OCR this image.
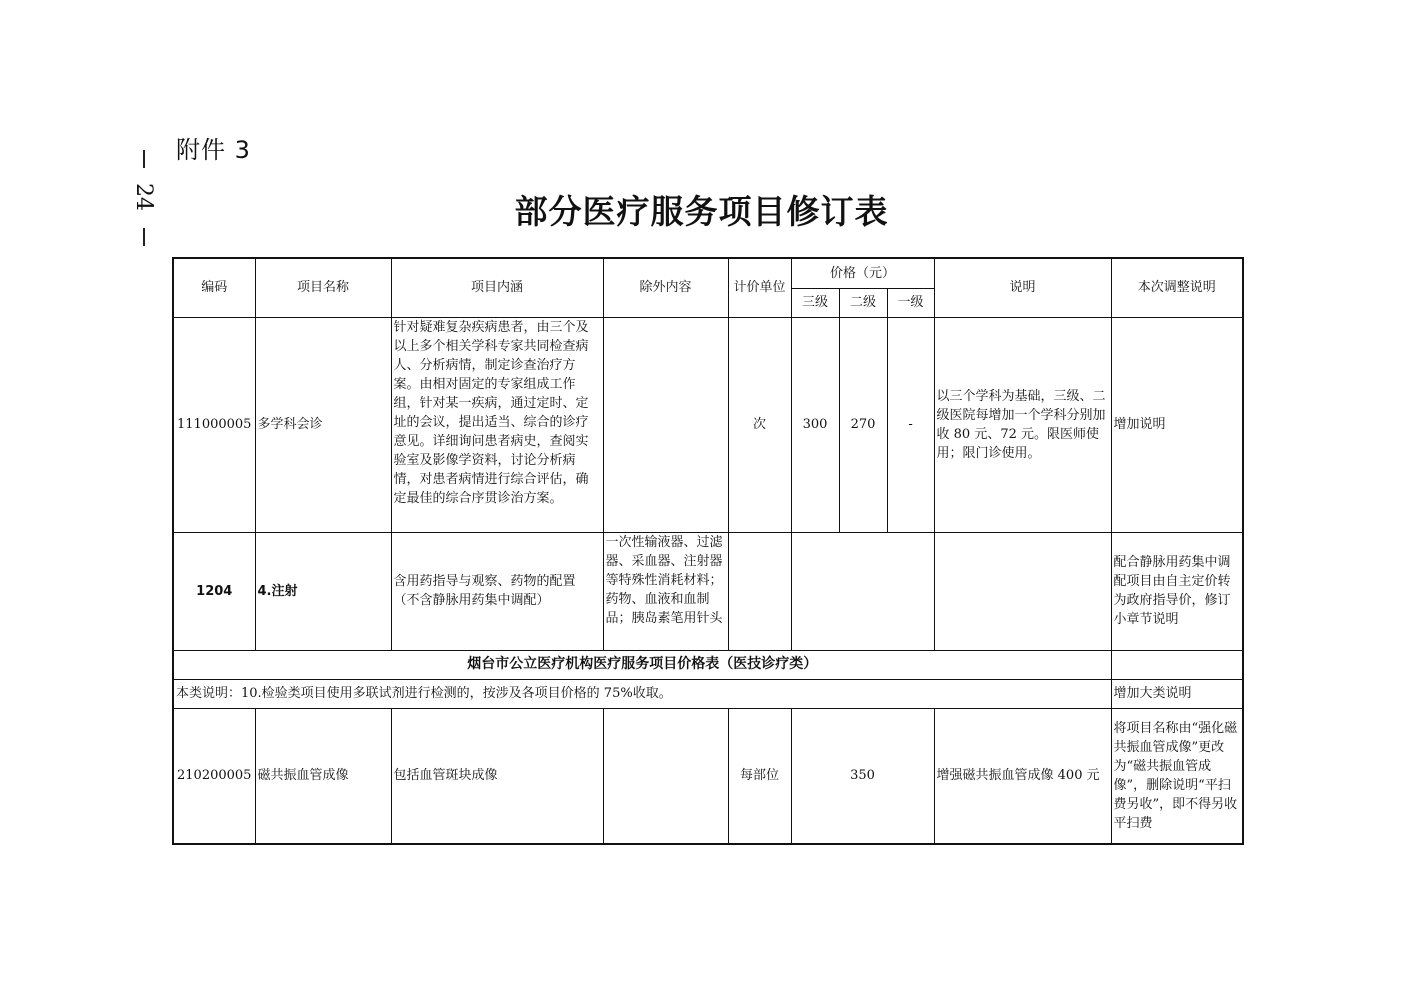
附件 3
24	部分医疗服务项目修订表
编码	项目名称	项目内涵	除外内容	计价单位	价格（元）			说明	本次调整说明
					三级	二级	一级		
111000005	多学科会诊	针对疑难复杂疾病患者，由三个及以上多个相关学科专家共同检查病人、分析病情，制定诊查治疗方案。由相对固定的专家组成工作组，针对某一疾病，通过定时、定址的会议，提出适当、综合的诊疗意见。详细询问患者病史，查阅实验室及影像学资料，讨论分析病情，对患者病情进行综合评估，确定最佳的综合序贯诊治方案。		次	300	270	-	以三个学科为基础，三级、二级医院每增加一个学科分别加收 80 元、72 元。限医师使用；限门诊使用。	增加说明
1204	4.注射	含用药指导与观察、药物的配置（不含静脉用药集中调配）	一次性输液器、过滤器、采血器、注射器等特殊性消耗材料；药物、血液和血制品；胰岛素笔用针头						配合静脉用药集中调配项目由自主定价转为政府指导价，修订小章节说明
烟台市公立医疗机构医疗服务项目价格表（医技诊疗类）									
本类说明：10.检验类项目使用多联试剂进行检测的，按涉及各项目价格的 75%收取。									增加大类说明
210200005	磁共振血管成像	包括血管斑块成像		每部位	350			增强磁共振血管成像 400 元	将项目名称由“强化磁共振血管成像”更改为“磁共振血管成像”，删除说明“平扫费另收”，即不得另收平扫费
